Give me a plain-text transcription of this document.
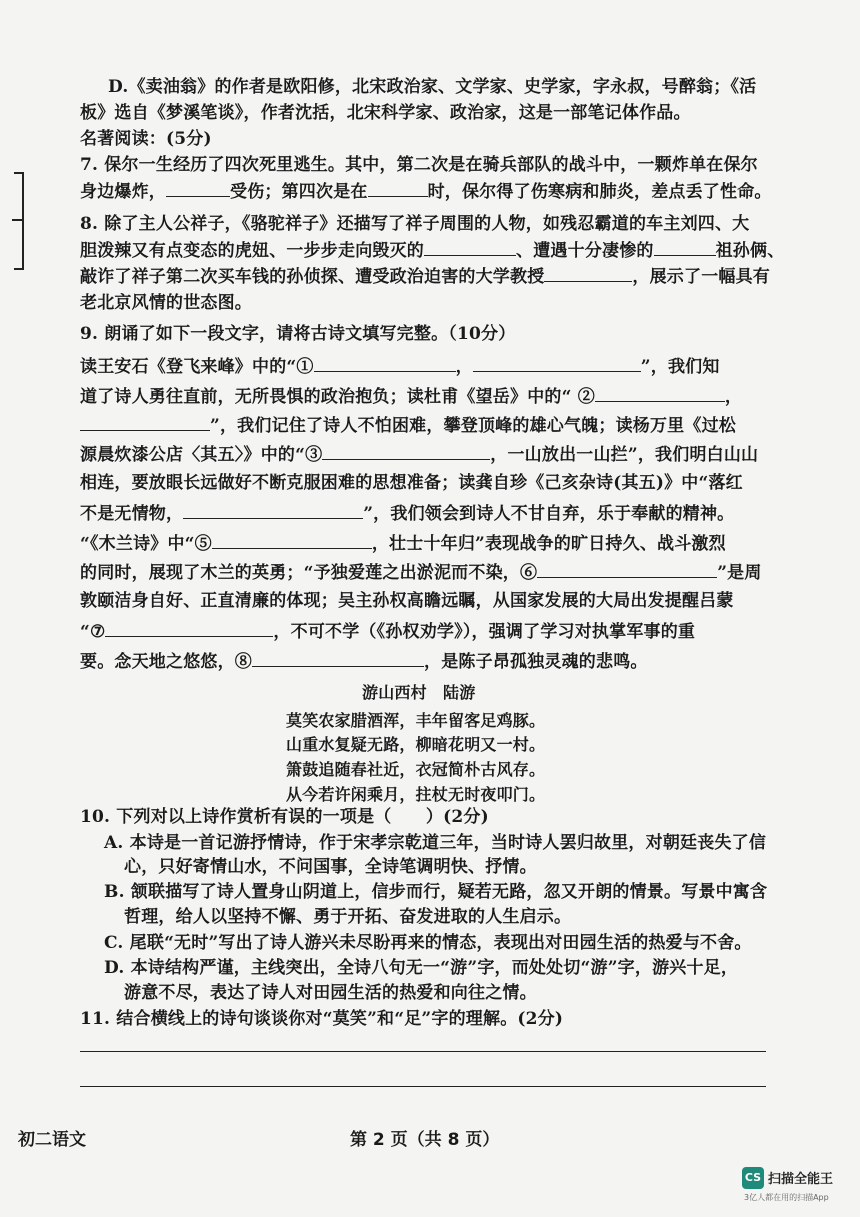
D.《卖油翁》的作者是欧阳修，北宋政治家、文学家、史学家，字永叔，号醉翁；《活
板》选自《梦溪笔谈》，作者沈括，北宋科学家、政治家，这是一部笔记体作品。
名著阅读：(5分)
7. 保尔一生经历了四次死里逃生。其中，第二次是在骑兵部队的战斗中，一颗炸单在保尔
身边爆炸，	受伤；第四次是在	时，保尔得了伤寒病和肺炎，差点丢了性命。
8. 除了主人公祥子，《骆驼祥子》还描写了祥子周围的人物，如残忍霸道的车主刘四、大
胆泼辣又有点变态的虎妞、一步步走向毁灭的	、遭遇十分凄惨的	祖孙俩、
敲诈了祥子第二次买车钱的孙侦探、遭受政治迫害的大学教授	，展示了一幅具有
老北京风情的世态图。
9. 朗诵了如下一段文字，请将古诗文填写完整。（10分）
读王安石《登飞来峰》中的“①	，	”，我们知
道了诗人勇往直前，无所畏惧的政治抱负；读杜甫《望岳》中的“ ②	，
”，我们记住了诗人不怕困难，攀登顶峰的雄心气魄；读杨万里《过松
源晨炊漆公店〈其五〉》中的“③	，一山放出一山拦”，我们明白山山
相连，要放眼长远做好不断克服困难的思想准备；读龚自珍《己亥杂诗(其五)》中“落红
不是无情物，	”，我们领会到诗人不甘自弃，乐于奉献的精神。
“《木兰诗》中“⑤	，壮士十年归”表现战争的旷日持久、战斗激烈
的同时，展现了木兰的英勇；“予独爱莲之出淤泥而不染，⑥	”是周
敦颐洁身自好、正直清廉的体现；吴主孙权高瞻远瞩，从国家发展的大局出发提醒吕蒙
“⑦	，不可不学（《孙权劝学》），强调了学习对执掌军事的重
要。念天地之悠悠，⑧	，是陈子昂孤独灵魂的悲鸣。
游山西村　陆游
莫笑农家腊酒浑，丰年留客足鸡豚。
山重水复疑无路，柳暗花明又一村。
箫鼓追随春社近，衣冠简朴古风存。
从今若许闲乘月，拄杖无时夜叩门。
10. 下列对以上诗作赏析有误的一项是（　　）(2分)
A. 本诗是一首记游抒情诗，作于宋孝宗乾道三年，当时诗人罢归故里，对朝廷丧失了信
心，只好寄情山水，不问国事，全诗笔调明快、抒情。
B. 颔联描写了诗人置身山阴道上，信步而行，疑若无路，忽又开朗的情景。写景中寓含
哲理，给人以坚持不懈、勇于开拓、奋发进取的人生启示。
C. 尾联“无时”写出了诗人游兴未尽盼再来的情态，表现出对田园生活的热爱与不舍。
D. 本诗结构严谨，主线突出，全诗八句无一“游”字，而处处切“游”字，游兴十足，
游意不尽，表达了诗人对田园生活的热爱和向往之情。
11. 结合横线上的诗句谈谈你对“莫笑”和“足”字的理解。(2分)
初二语文	第 2 页（共 8 页）
CS 扫描全能王
3亿人都在用的扫描App
